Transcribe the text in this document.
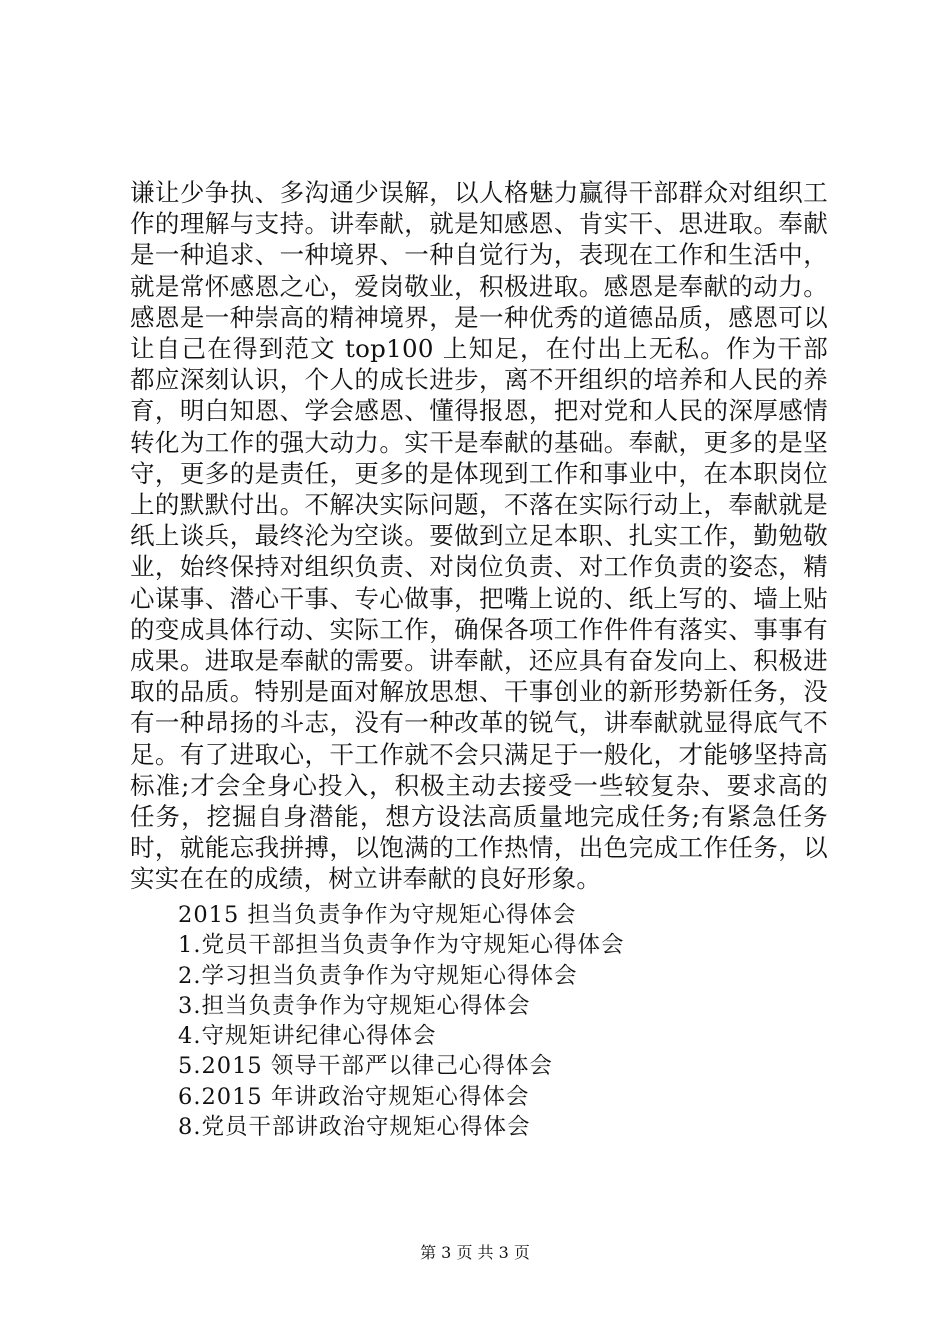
谦让少争执、多沟通少误解，以人格魅力赢得干部群众对组织工作的理解与支持。讲奉献，就是知感恩、肯实干、思进取。奉献是一种追求、一种境界、一种自觉行为，表现在工作和生活中，就是常怀感恩之心，爱岗敬业，积极进取。感恩是奉献的动力。感恩是一种崇高的精神境界，是一种优秀的道德品质，感恩可以让自己在得到范文 top100 上知足，在付出上无私。作为干部都应深刻认识，个人的成长进步，离不开组织的培养和人民的养育，明白知恩、学会感恩、懂得报恩，把对党和人民的深厚感情转化为工作的强大动力。实干是奉献的基础。奉献，更多的是坚守，更多的是责任，更多的是体现到工作和事业中，在本职岗位上的默默付出。不解决实际问题，不落在实际行动上，奉献就是纸上谈兵，最终沦为空谈。要做到立足本职、扎实工作，勤勉敬业，始终保持对组织负责、对岗位负责、对工作负责的姿态，精心谋事、潜心干事、专心做事，把嘴上说的、纸上写的、墙上贴的变成具体行动、实际工作，确保各项工作件件有落实、事事有成果。进取是奉献的需要。讲奉献，还应具有奋发向上、积极进取的品质。特别是面对解放思想、干事创业的新形势新任务，没有一种昂扬的斗志，没有一种改革的锐气，讲奉献就显得底气不足。有了进取心，干工作就不会只满足于一般化，才能够坚持高标准;才会全身心投入，积极主动去接受一些较复杂、要求高的任务，挖掘自身潜能，想方设法高质量地完成任务;有紧急任务时，就能忘我拼搏，以饱满的工作热情，出色完成工作任务，以实实在在的成绩，树立讲奉献的良好形象。

2015 担当负责争作为守规矩心得体会
1.党员干部担当负责争作为守规矩心得体会
2.学习担当负责争作为守规矩心得体会
3.担当负责争作为守规矩心得体会
4.守规矩讲纪律心得体会
5.2015 领导干部严以律己心得体会
6.2015 年讲政治守规矩心得体会
8.党员干部讲政治守规矩心得体会
第 3 页 共 3 页
